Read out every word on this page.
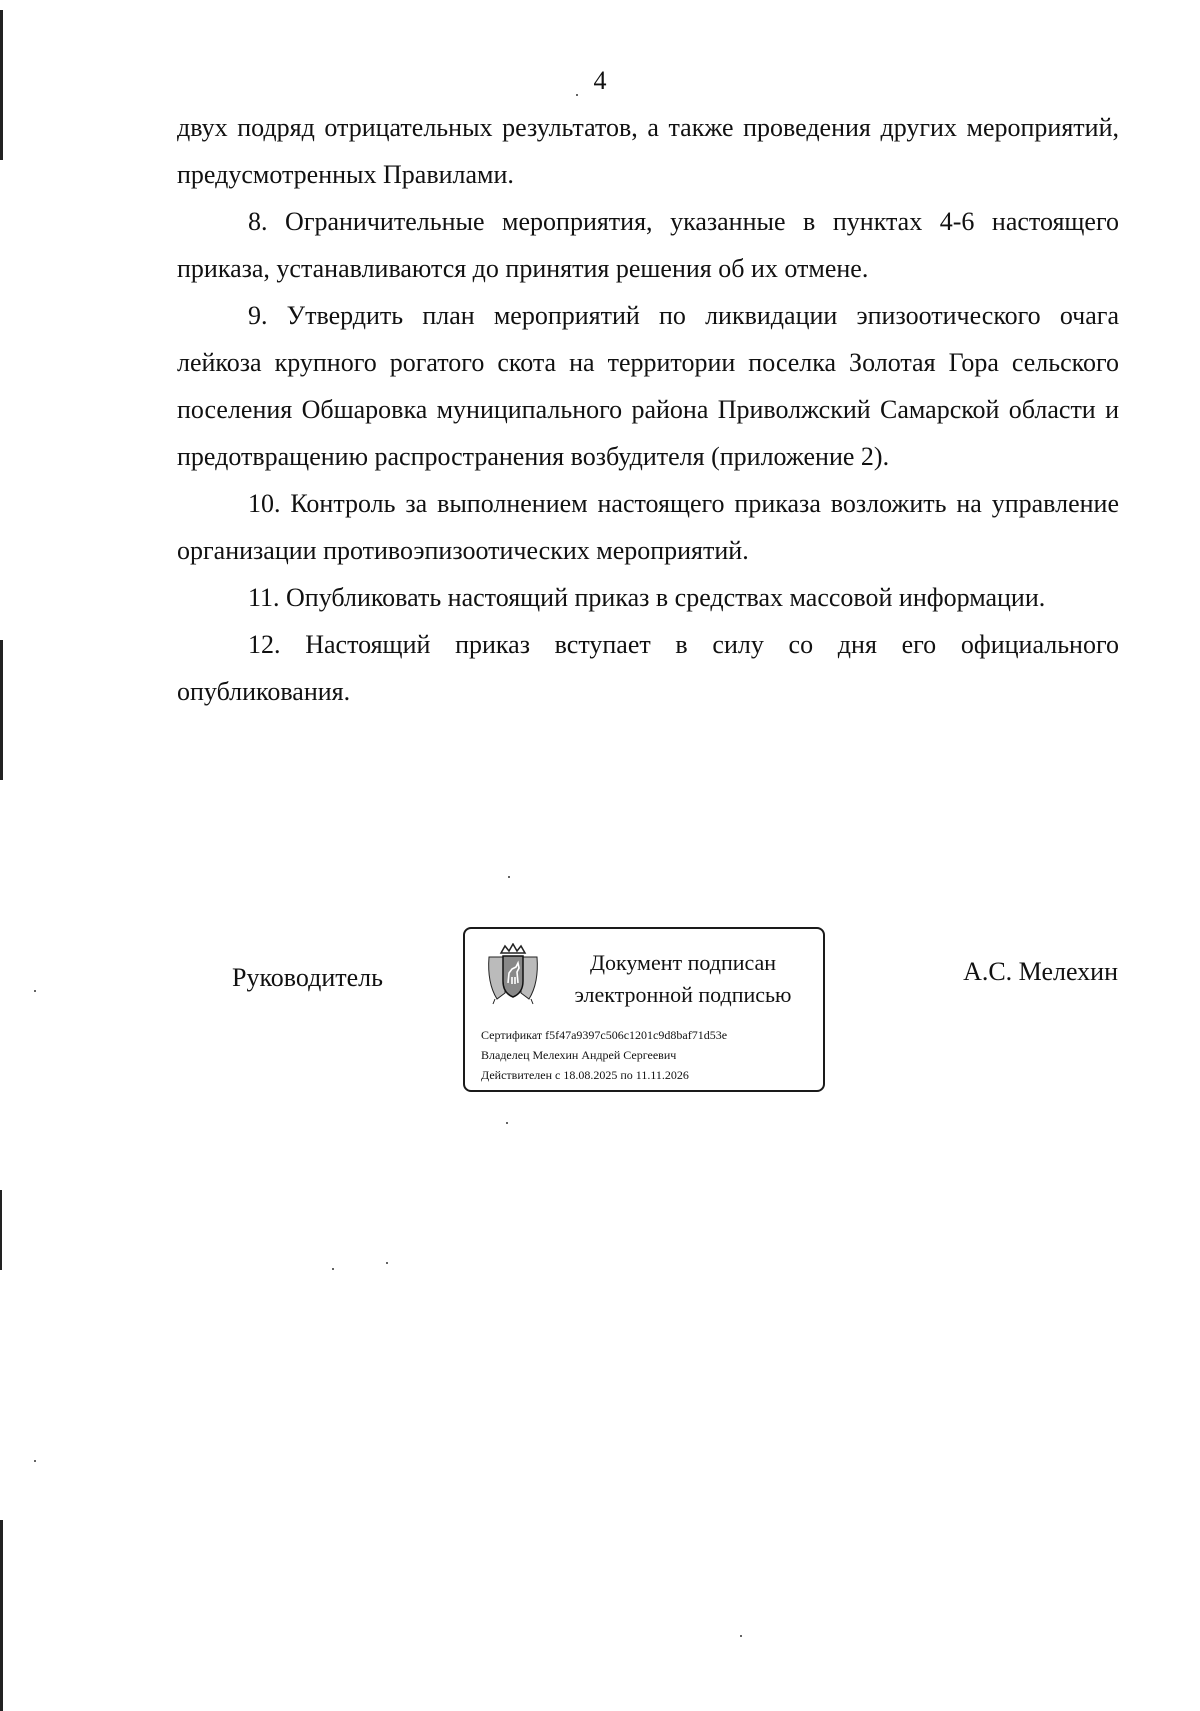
4

двух подряд отрицательных результатов, а также проведения других мероприятий, предусмотренных Правилами.

8. Ограничительные мероприятия, указанные в пунктах 4-6 настоящего приказа, устанавливаются до принятия решения об их отмене.

9. Утвердить план мероприятий по ликвидации эпизоотического очага лейкоза крупного рогатого скота на территории поселка Золотая Гора сельского поселения Обшаровка муниципального района Приволжский Самарской области и предотвращению распространения возбудителя (приложение 2).

10. Контроль за выполнением настоящего приказа возложить на управление организации противоэпизоотических мероприятий.

11. Опубликовать настоящий приказ в средствах массовой информации.

12. Настоящий приказ вступает в силу со дня его официального опубликования.

Руководитель
Документ подписан
электронной подписью
Сертификат f5f47a9397c506c1201c9d8baf71d53e
Владелец Мелехин Андрей Сергеевич
Действителен с 18.08.2025 по 11.11.2026
А.С. Мелехин
